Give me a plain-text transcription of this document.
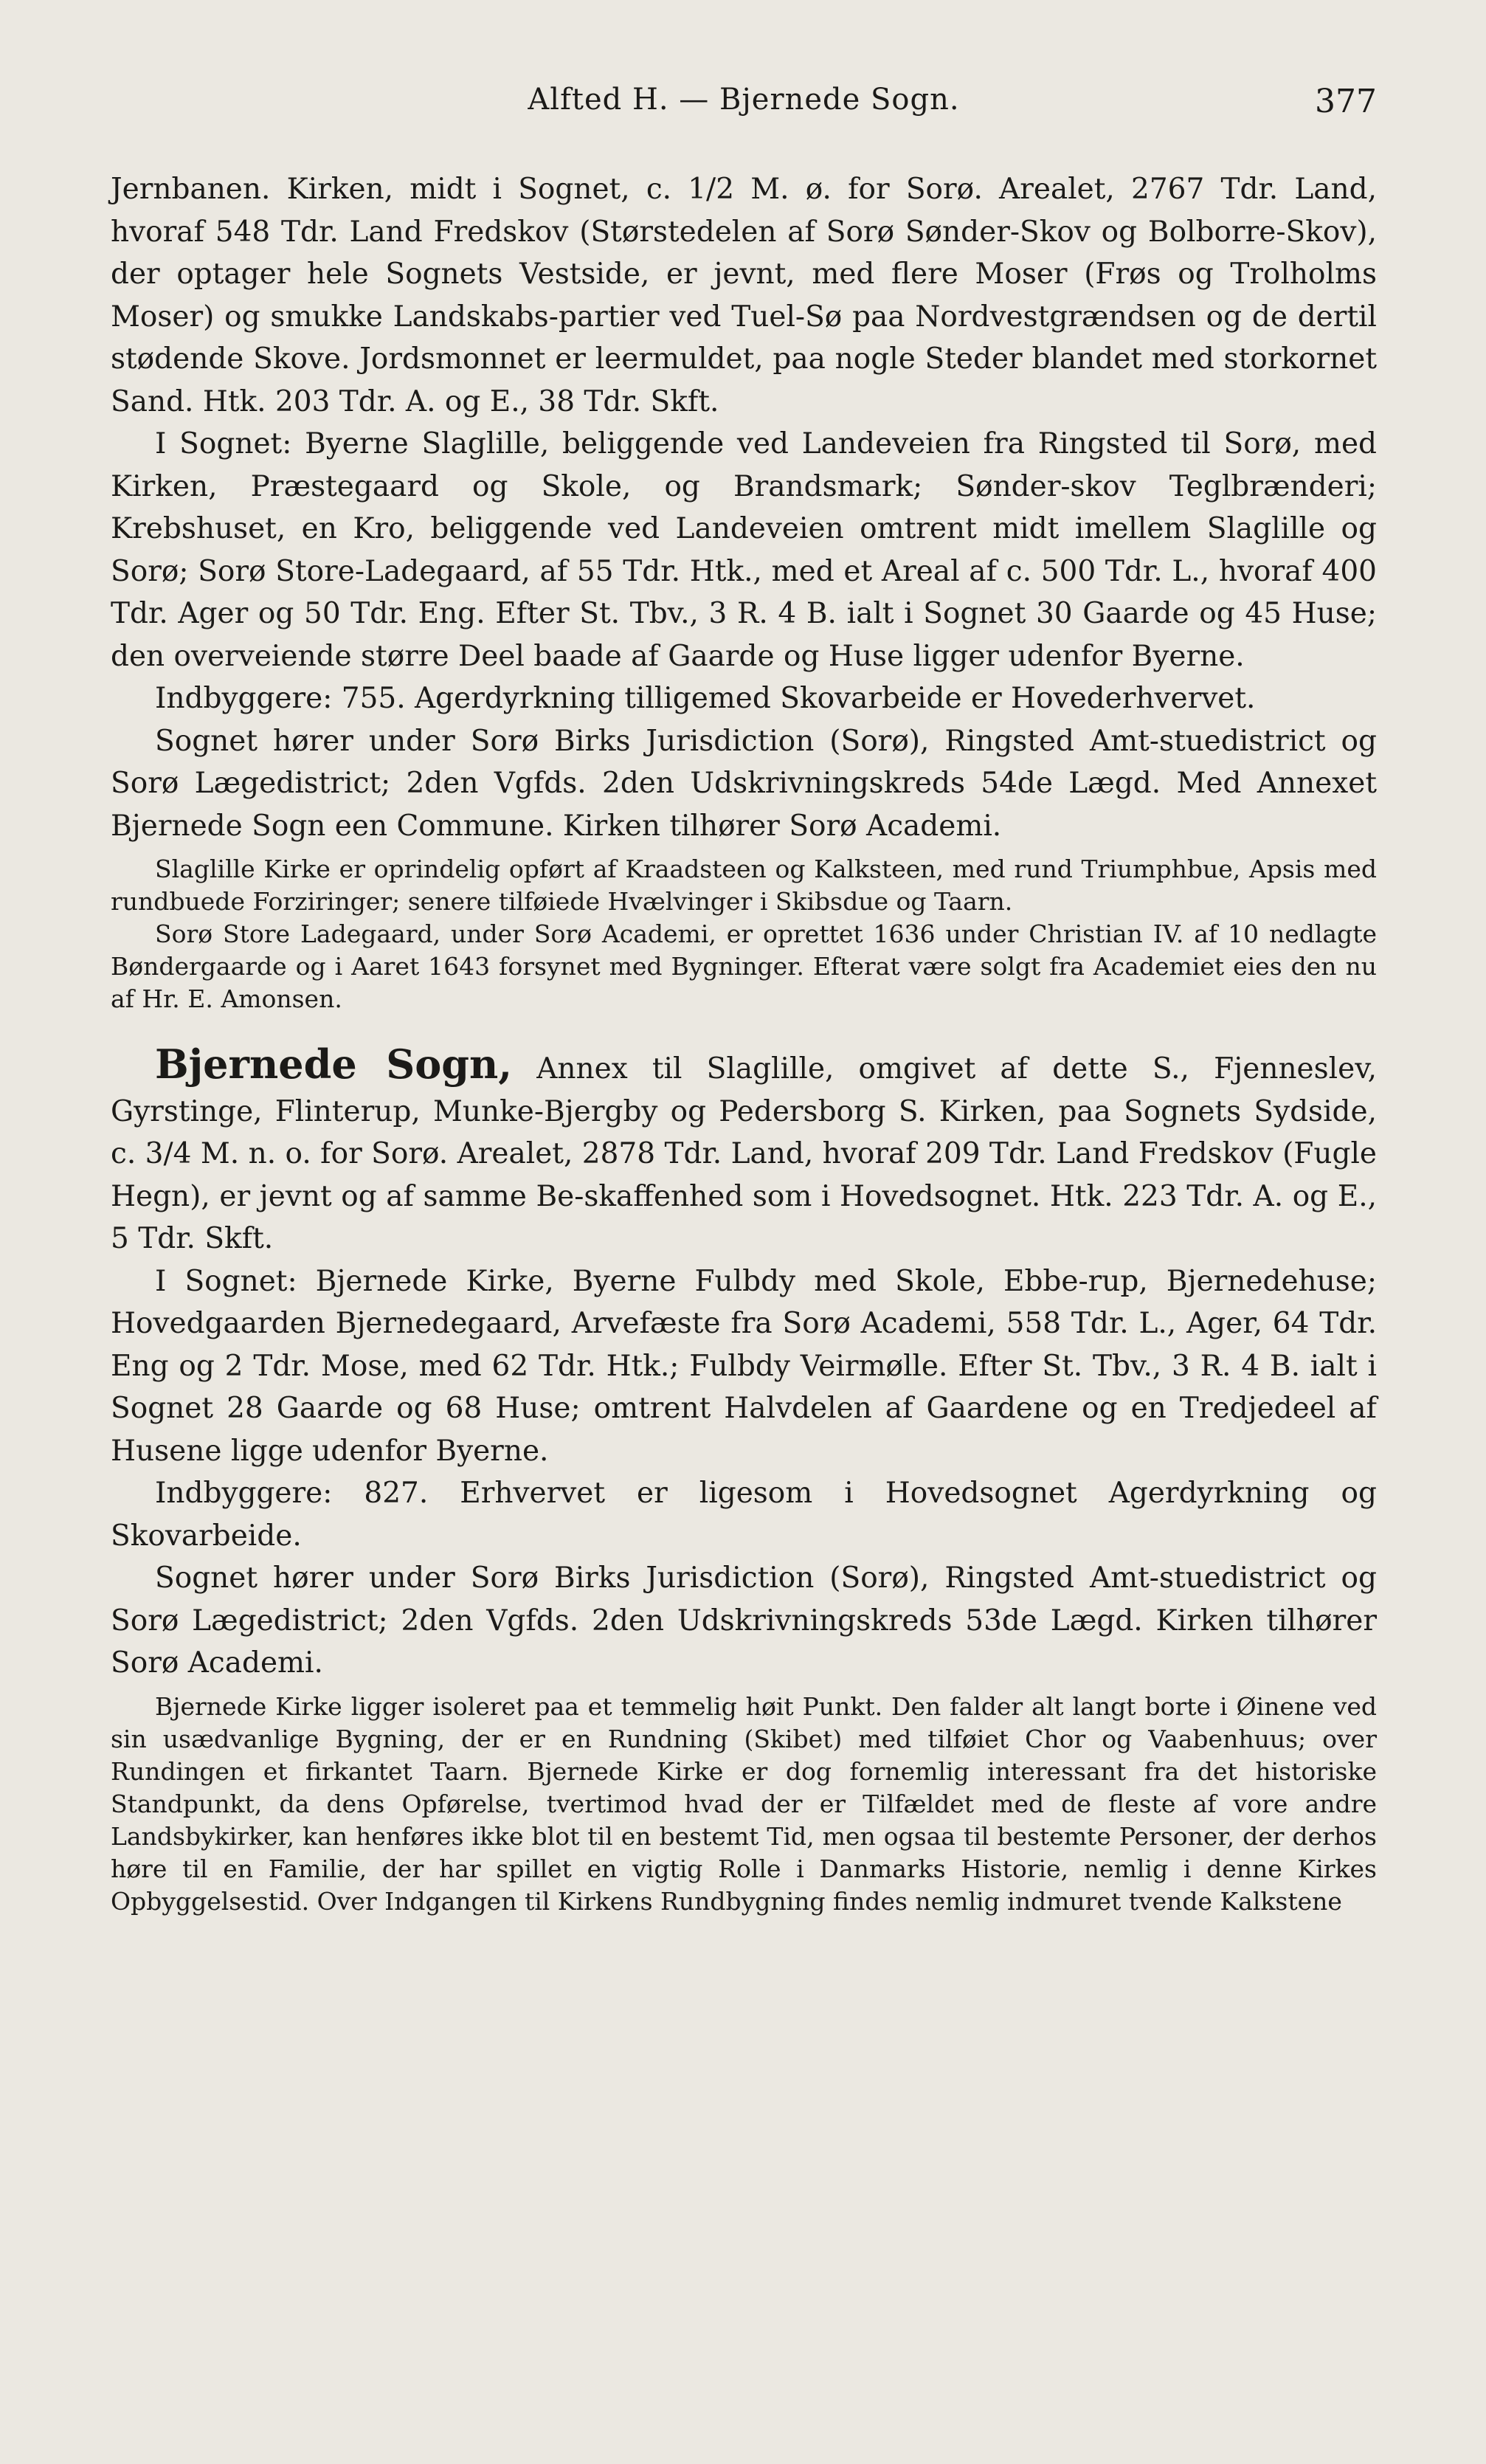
Alfted H. — Bjernede Sogn.	377

Jernbanen. Kirken, midt i Sognet, c. 1/2 M. ø. for Sorø. Arealet, 2767 Tdr. Land, hvoraf 548 Tdr. Land Fredskov (Størstedelen af Sorø Sønder-Skov og Bolborre-Skov), der optager hele Sognets Vestside, er jevnt, med flere Moser (Frøs og Trolholms Moser) og smukke Landskabs-partier ved Tuel-Sø paa Nordvestgrændsen og de dertil stødende Skove. Jordsmonnet er leermuldet, paa nogle Steder blandet med storkornet Sand. Htk. 203 Tdr. A. og E., 38 Tdr. Skft.

I Sognet: Byerne Slaglille, beliggende ved Landeveien fra Ringsted til Sorø, med Kirken, Præstegaard og Skole, og Brandsmark; Sønder-skov Teglbrænderi; Krebshuset, en Kro, beliggende ved Landeveien omtrent midt imellem Slaglille og Sorø; Sorø Store-Ladegaard, af 55 Tdr. Htk., med et Areal af c. 500 Tdr. L., hvoraf 400 Tdr. Ager og 50 Tdr. Eng. Efter St. Tbv., 3 R. 4 B. ialt i Sognet 30 Gaarde og 45 Huse; den overveiende større Deel baade af Gaarde og Huse ligger udenfor Byerne.

Indbyggere: 755. Agerdyrkning tilligemed Skovarbeide er Hovederhvervet.

Sognet hører under Sorø Birks Jurisdiction (Sorø), Ringsted Amt-stuedistrict og Sorø Lægedistrict; 2den Vgfds. 2den Udskrivningskreds 54de Lægd. Med Annexet Bjernede Sogn een Commune. Kirken tilhører Sorø Academi.

Slaglille Kirke er oprindelig opført af Kraadsteen og Kalksteen, med rund Triumphbue, Apsis med rundbuede Forziringer; senere tilføiede Hvælvinger i Skibsdue og Taarn.

Sorø Store Ladegaard, under Sorø Academi, er oprettet 1636 under Christian IV. af 10 nedlagte Bøndergaarde og i Aaret 1643 forsynet med Bygninger. Efterat være solgt fra Academiet eies den nu af Hr. E. Amonsen.

Bjernede Sogn, Annex til Slaglille, omgivet af dette S., Fjenneslev, Gyrstinge, Flinterup, Munke-Bjergby og Pedersborg S. Kirken, paa Sognets Sydside, c. 3/4 M. n. o. for Sorø. Arealet, 2878 Tdr. Land, hvoraf 209 Tdr. Land Fredskov (Fugle Hegn), er jevnt og af samme Be-skaffenhed som i Hovedsognet. Htk. 223 Tdr. A. og E., 5 Tdr. Skft.

I Sognet: Bjernede Kirke, Byerne Fulbdy med Skole, Ebbe-rup, Bjernedehuse; Hovedgaarden Bjernedegaard, Arvefæste fra Sorø Academi, 558 Tdr. L., Ager, 64 Tdr. Eng og 2 Tdr. Mose, med 62 Tdr. Htk.; Fulbdy Veirmølle. Efter St. Tbv., 3 R. 4 B. ialt i Sognet 28 Gaarde og 68 Huse; omtrent Halvdelen af Gaardene og en Tredjedeel af Husene ligge udenfor Byerne.

Indbyggere: 827. Erhvervet er ligesom i Hovedsognet Agerdyrkning og Skovarbeide.

Sognet hører under Sorø Birks Jurisdiction (Sorø), Ringsted Amt-stuedistrict og Sorø Lægedistrict; 2den Vgfds. 2den Udskrivningskreds 53de Lægd. Kirken tilhører Sorø Academi.

Bjernede Kirke ligger isoleret paa et temmelig høit Punkt. Den falder alt langt borte i Øinene ved sin usædvanlige Bygning, der er en Rundning (Skibet) med tilføiet Chor og Vaabenhuus; over Rundingen et firkantet Taarn. Bjernede Kirke er dog fornemlig interessant fra det historiske Standpunkt, da dens Opførelse, tvertimod hvad der er Tilfældet med de fleste af vore andre Landsbykirker, kan henføres ikke blot til en bestemt Tid, men ogsaa til bestemte Personer, der derhos høre til en Familie, der har spillet en vigtig Rolle i Danmarks Historie, nemlig i denne Kirkes Opbyggelsestid. Over Indgangen til Kirkens Rundbygning findes nemlig indmuret tvende Kalkstene
